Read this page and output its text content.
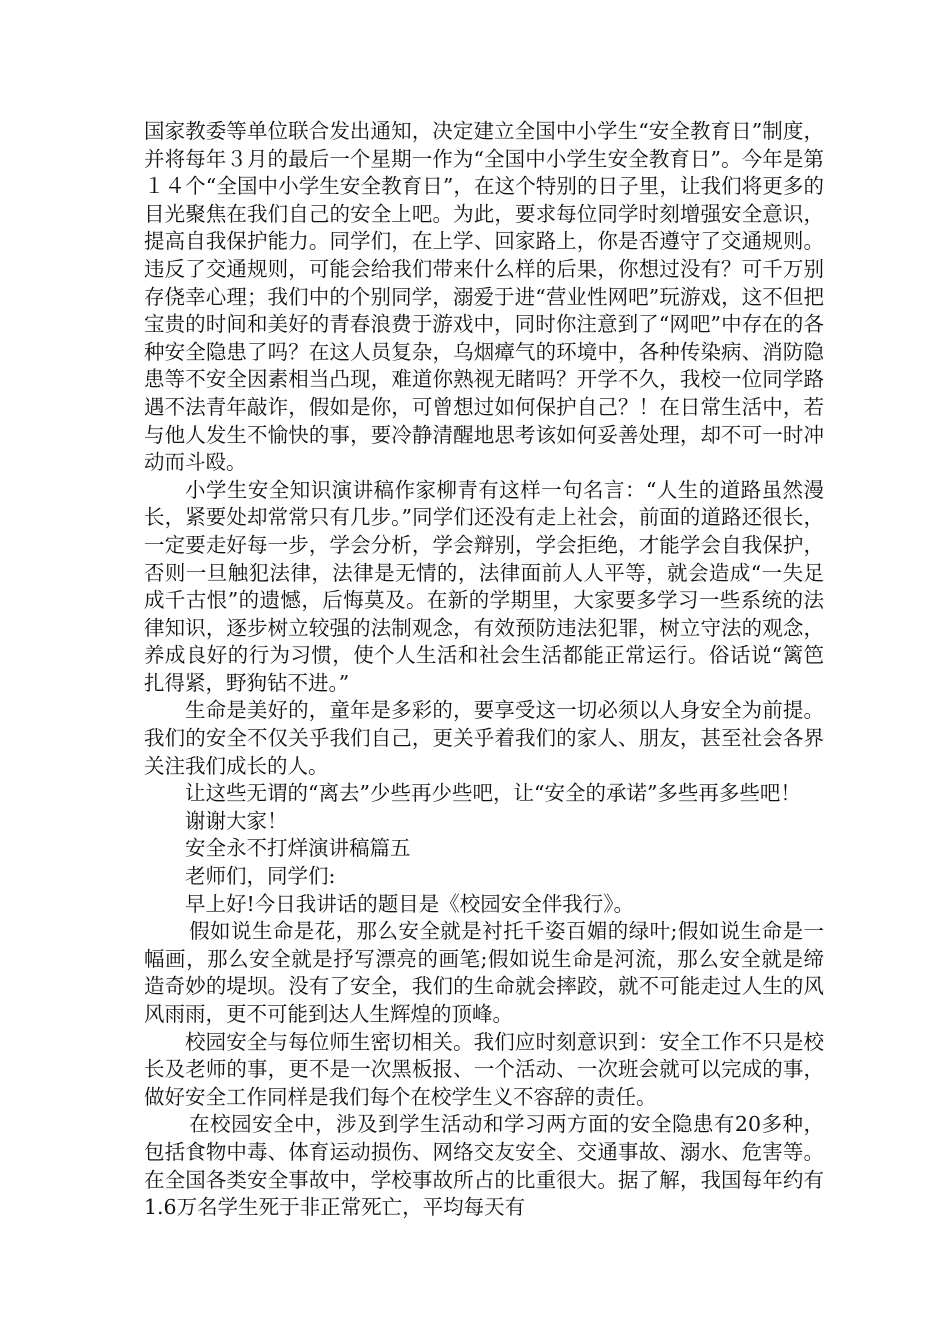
国家教委等单位联合发出通知，决定建立全国中小学生“安全教育日”制度，并将每年３月的最后一个星期一作为“全国中小学生安全教育日”。今年是第１４个“全国中小学生安全教育日”，在这个特别的日子里，让我们将更多的目光聚焦在我们自己的安全上吧。为此，要求每位同学时刻增强安全意识，提高自我保护能力。同学们，在上学、回家路上，你是否遵守了交通规则。违反了交通规则，可能会给我们带来什么样的后果，你想过没有？可千万别存侥幸心理；我们中的个别同学，溺爱于进“营业性网吧”玩游戏，这不但把宝贵的时间和美好的青春浪费于游戏中，同时你注意到了“网吧”中存在的各种安全隐患了吗？在这人员复杂，乌烟瘴气的环境中，各种传染病、消防隐患等不安全因素相当凸现，难道你熟视无睹吗？开学不久，我校一位同学路遇不法青年敲诈，假如是你，可曾想过如何保护自己？！在日常生活中，若与他人发生不愉快的事，要冷静清醒地思考该如何妥善处理，却不可一时冲动而斗殴。

小学生安全知识演讲稿作家柳青有这样一句名言：“人生的道路虽然漫长，紧要处却常常只有几步。”同学们还没有走上社会，前面的道路还很长，一定要走好每一步，学会分析，学会辩别，学会拒绝，才能学会自我保护，否则一旦触犯法律，法律是无情的，法律面前人人平等，就会造成“一失足成千古恨”的遗憾，后悔莫及。在新的学期里，大家要多学习一些系统的法律知识，逐步树立较强的法制观念，有效预防违法犯罪，树立守法的观念，养成良好的行为习惯，使个人生活和社会生活都能正常运行。俗话说“篱笆扎得紧，野狗钻不进。”

生命是美好的，童年是多彩的，要享受这一切必须以人身安全为前提。我们的安全不仅关乎我们自己，更关乎着我们的家人、朋友，甚至社会各界关注我们成长的人。

让这些无谓的“离去”少些再少些吧，让“安全的承诺”多些再多些吧！

谢谢大家！

安全永不打烊演讲稿篇五

老师们，同学们:

早上好!今日我讲话的题目是《校园安全伴我行》。

假如说生命是花，那么安全就是衬托千姿百媚的绿叶;假如说生命是一幅画，那么安全就是抒写漂亮的画笔;假如说生命是河流，那么安全就是缔造奇妙的堤坝。没有了安全，我们的生命就会摔跤，就不可能走过人生的风风雨雨，更不可能到达人生辉煌的顶峰。

校园安全与每位师生密切相关。我们应时刻意识到：安全工作不只是校长及老师的事，更不是一次黑板报、一个活动、一次班会就可以完成的事，做好安全工作同样是我们每个在校学生义不容辞的责任。

在校园安全中，涉及到学生活动和学习两方面的安全隐患有20多种，包括食物中毒、体育运动损伤、网络交友安全、交通事故、溺水、危害等。在全国各类安全事故中，学校事故所占的比重很大。据了解，我国每年约有1.6万名学生死于非正常死亡，平均每天有
